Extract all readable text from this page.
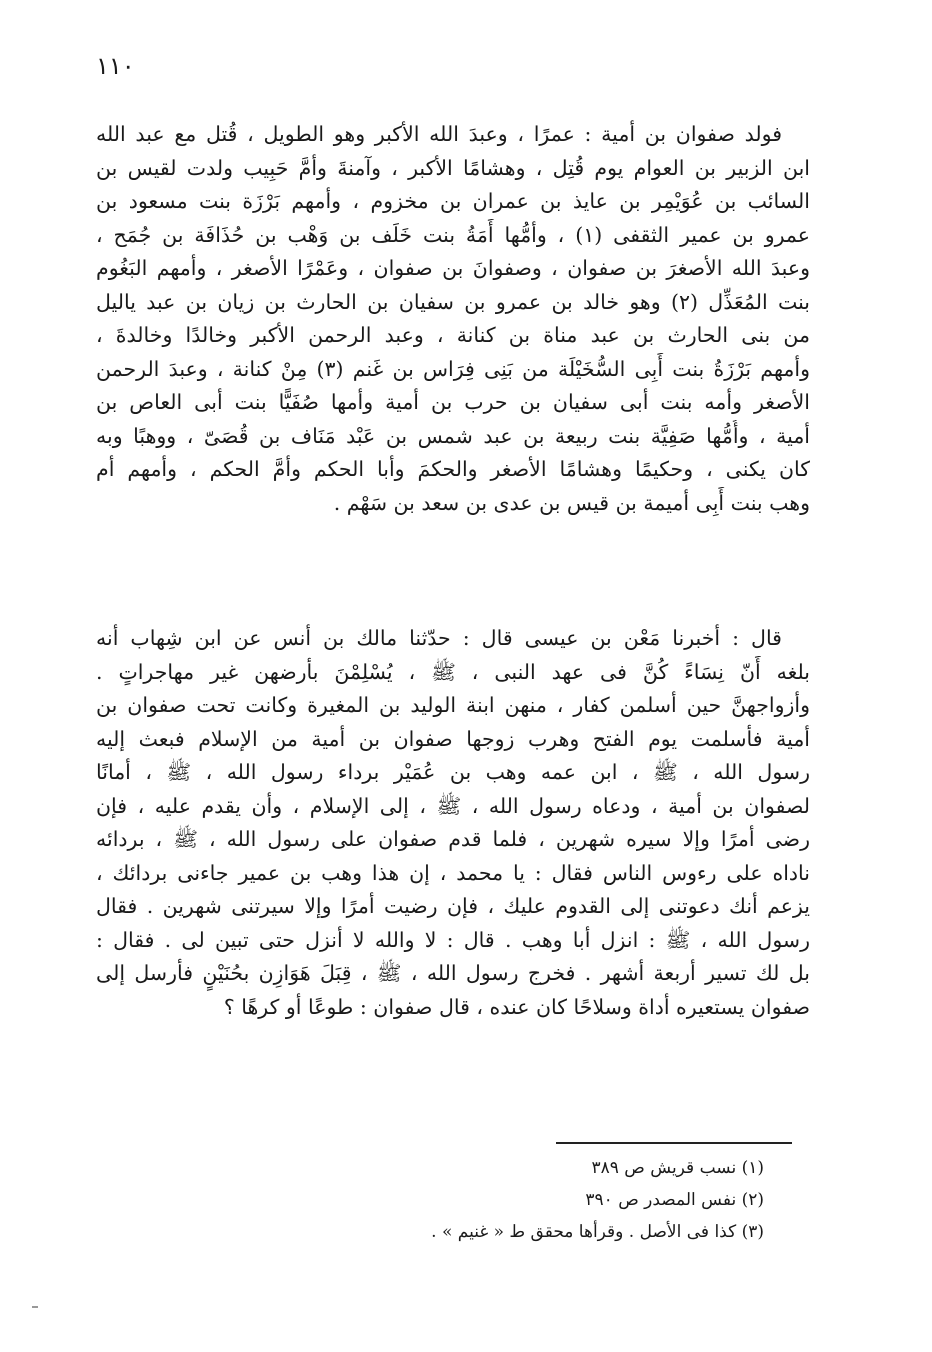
١١٠
فولد صفوان بن أمية : عمرًا ، وعبدَ الله الأكبر وهو الطويل ، قُتل مع عبد الله
ابن الزبير بن العوام يوم قُتِل ، وهشامًا الأكبر ، وآمنةَ وأمَّ حَبِيب ولدت لقيس بن
السائب بن عُوَيْمِر بن عايذ بن عمران بن مخزوم ، وأمهم بَرْزَة بنت مسعود بن
عمرو بن عمير الثقفى (١) ، وأمُّها أَمَةُ بنت خَلَف بن وَهْب بن حُذَافَة بن جُمَح ،
وعبدَ الله الأصغرَ بن صفوان ، وصفوانَ بن صفوان ، وعَمْرًا الأصغر ، وأمهم البَغُوم
بنت المُعَذِّل (٢) وهو خالد بن عمرو بن سفيان بن الحارث بن زيان بن عبد ياليل
من بنى الحارث بن عبد مناة بن كنانة ، وعبد الرحمن الأكبر وخالدًا وخالدةَ ،
وأمهم بَرْزَةُ بنت أَبِى السُّخَيْلَة من بَنِى فِرَاس بن غَنم (٣) مِنْ كنانة ، وعبدَ الرحمن
الأصغر وأمه بنت أبى سفيان بن حرب بن أمية وأمها صُفَيًّا بنت أبى العاص بن
أمية ، وأُمُّها صَفِيَّة بنت ربيعة بن عبد شمس بن عَبْد مَنَاف بن قُصَىّ ، ووهبًا وبه
كان يكنى ، وحكيمًا وهشامًا الأصغر والحكمَ وأبا الحكم وأمَّ الحكم ، وأمهم أم
وهب بنت أَبِى أميمة بن قيس بن عدى بن سعد بن سَهْم .
قال : أخبرنا مَعْن بن عيسى قال : حدّثنا مالك بن أنس عن ابن شِهاب أنه
بلغه أَنّ نِسَاءً كُنَّ فى عهد النبى ، ﷺ ، يُسْلِمْنَ بأرضهن غير مهاجراتٍ .
وأزواجهنَّ حين أسلمن كفار ، منهن ابنة الوليد بن المغيرة وكانت تحت صفوان بن
أمية فأسلمت يوم الفتح وهرب زوجها صفوان بن أمية من الإسلام فبعث إليه
رسول الله ، ﷺ ، ابن عمه وهب بن عُمَيْر برداء رسول الله ، ﷺ ، أمانًا
لصفوان بن أمية ، ودعاه رسول الله ، ﷺ ، إلى الإسلام ، وأن يقدم عليه ، فإن
رضى أمرًا وإلا سيره شهرين ، فلما قدم صفوان على رسول الله ، ﷺ ، بردائه
ناداه على رءوس الناس فقال : يا محمد ، إن هذا وهب بن عمير جاءنى بردائك ،
يزعم أنك دعوتنى إلى القدوم عليك ، فإن رضيت أمرًا وإلا سيرتنى شهرين . فقال
رسول الله ، ﷺ : انزل أبا وهب . قال : لا والله لا أنزل حتى تبين لى . فقال :
بل لك تسير أربعة أشهر . فخرج رسول الله ، ﷺ ، قِبَلَ هَوَازِن بحُنَيْنٍ فأرسل إلى
صفوان يستعيره أداة وسلاحًا كان عنده ، قال صفوان : طوعًا أو كرهًا ؟
(١) نسب قريش ص ٣٨٩
(٢) نفس المصدر ص ٣٩٠
(٣) كذا فى الأصل . وقرأها محقق ط « غنيم » .
